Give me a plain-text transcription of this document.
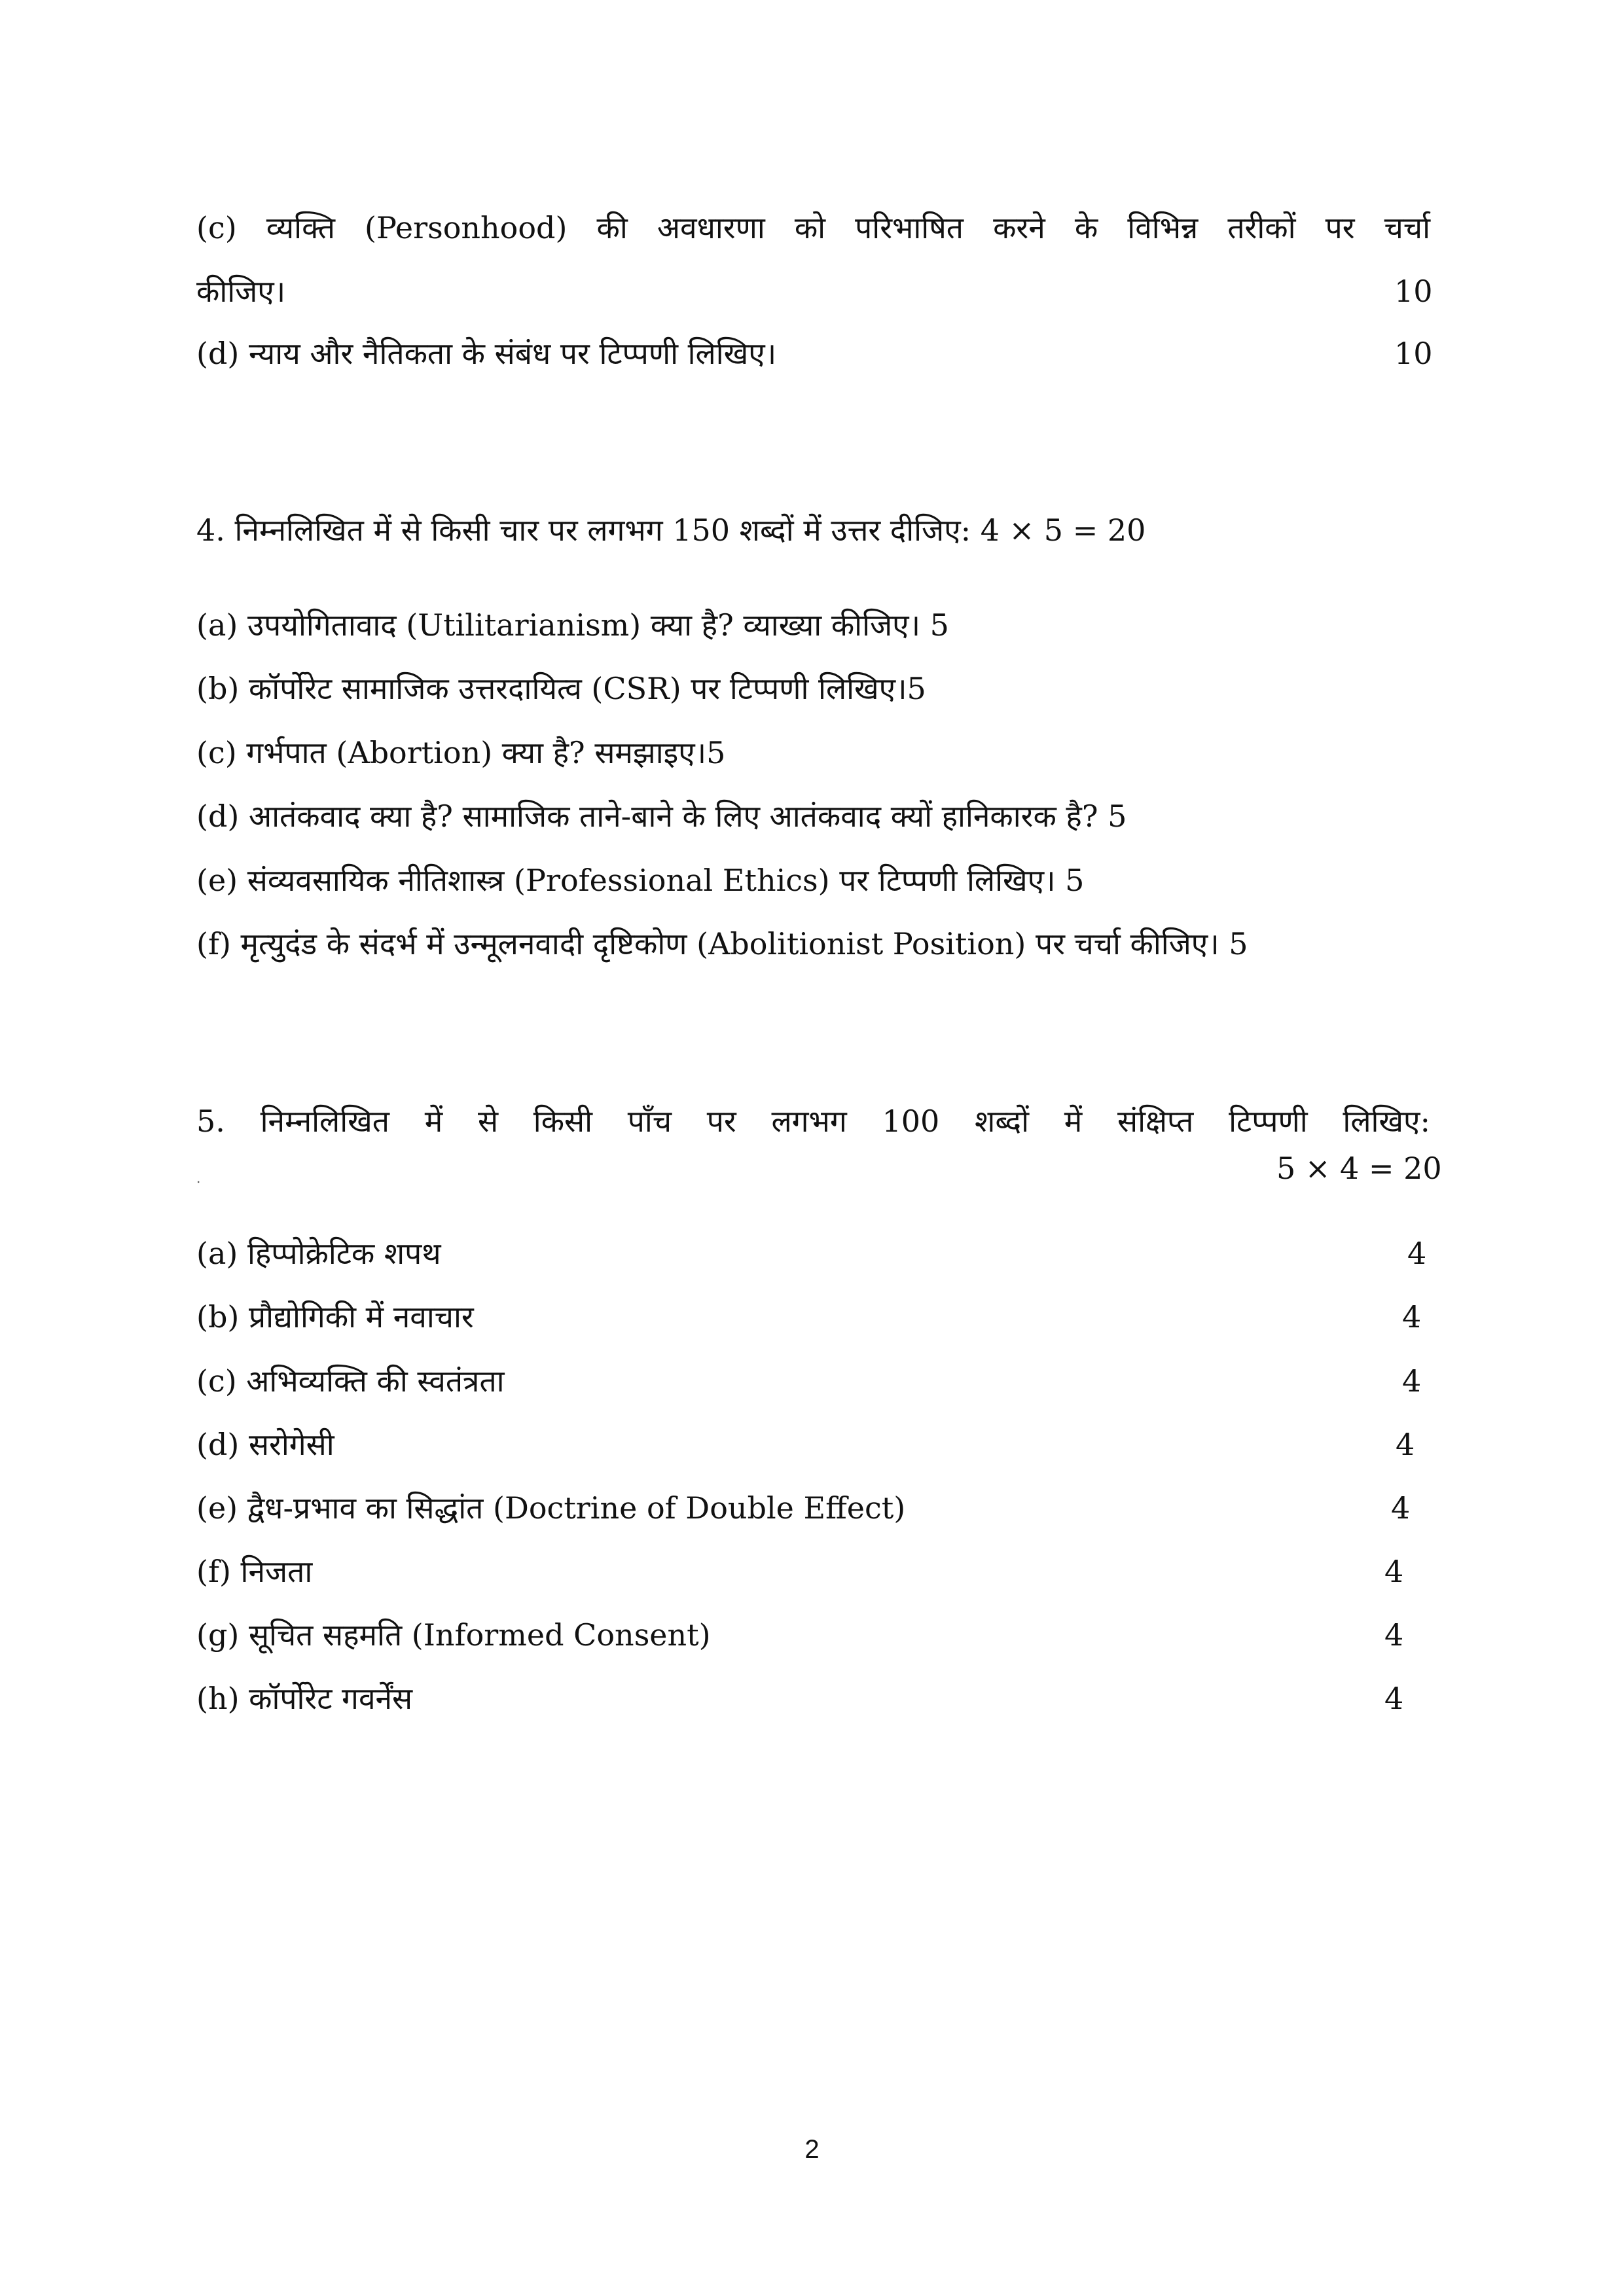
(c) व्यक्ति (Personhood) की अवधारणा को परिभाषित करने के विभिन्न तरीकों पर चर्चा
कीजिए।	10
(d) न्याय और नैतिकता के संबंध पर टिप्पणी लिखिए।	10
4. निम्नलिखित में से किसी चार पर लगभग 150 शब्दों में उत्तर दीजिए: 4 × 5 = 20
(a) उपयोगितावाद (Utilitarianism) क्या है? व्याख्या कीजिए। 5
(b) कॉर्पोरेट सामाजिक उत्तरदायित्व (CSR) पर टिप्पणी लिखिए।5
(c) गर्भपात (Abortion) क्या है? समझाइए।5
(d) आतंकवाद क्या है? सामाजिक ताने-बाने के लिए आतंकवाद क्यों हानिकारक है? 5
(e) संव्यवसायिक नीतिशास्त्र (Professional Ethics) पर टिप्पणी लिखिए। 5
(f) मृत्युदंड के संदर्भ में उन्मूलनवादी दृष्टिकोण (Abolitionist Position) पर चर्चा कीजिए। 5
5. निम्नलिखित में से किसी पाँच पर लगभग 100 शब्दों में संक्षिप्त टिप्पणी लिखिए:
.	5 × 4 = 20
(a) हिप्पोक्रेटिक शपथ	4
(b) प्रौद्योगिकी में नवाचार	4
(c) अभिव्यक्ति की स्वतंत्रता	4
(d) सरोगेसी	4
(e) द्वैध-प्रभाव का सिद्धांत (Doctrine of Double Effect)	4
(f) निजता	4
(g) सूचित सहमति (Informed Consent)	4
(h) कॉर्पोरेट गवर्नेंस	4
2
